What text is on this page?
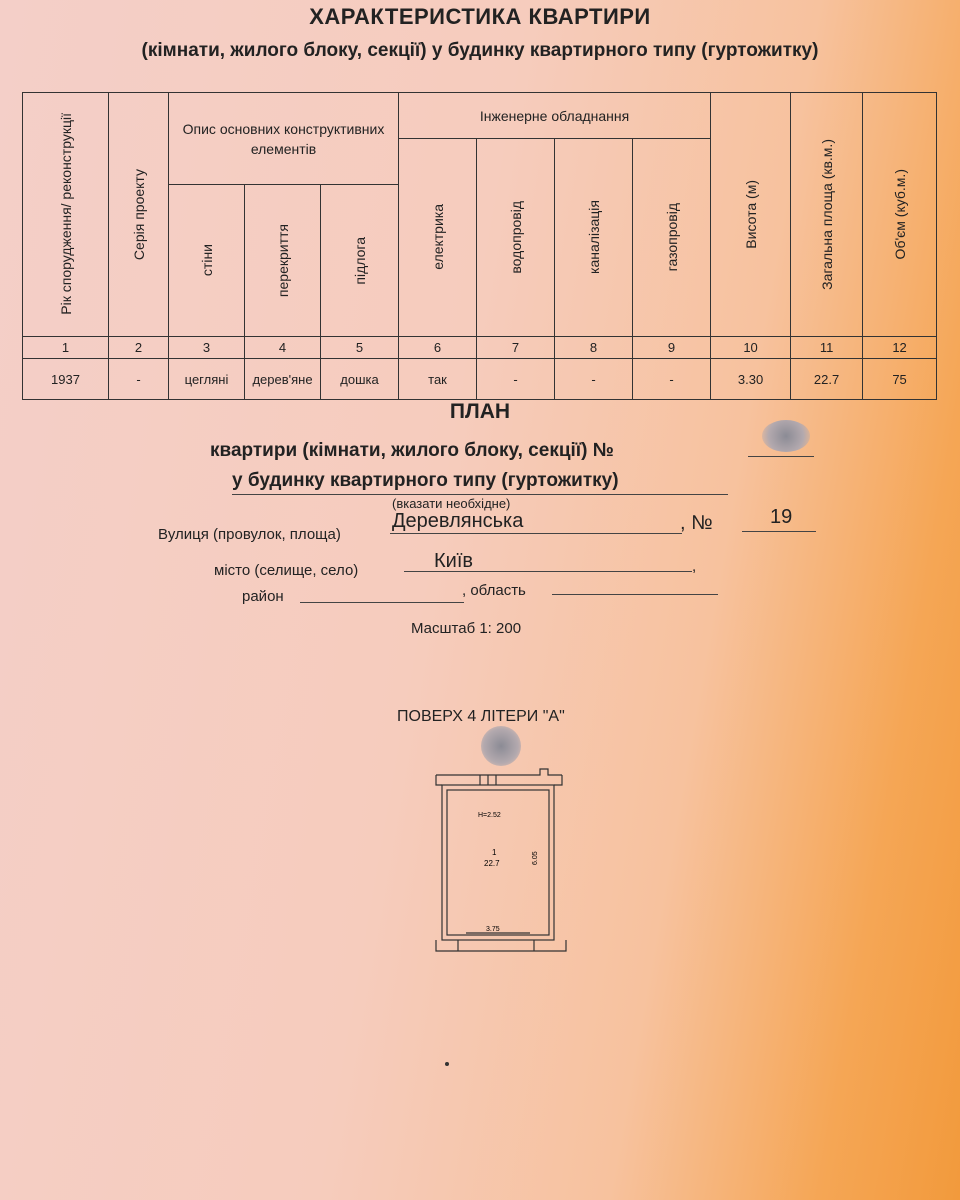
ХАРАКТЕРИСТИКА КВАРТИРИ
(кімнати, жилого блоку, секції) у будинку квартирного типу (гуртожитку)
Рік спорудження/ реконструкції	Серія проекту	Опис основних конструктивних елементів			Інженерне обладнання				Висота (м)	Загальна площа (кв.м.)	Об'єм (куб.м.)

					електрика	водопровід	каналізація	газопровід			

		стіни	перекриття	підлога							

1	2	3	4	5	6	7	8	9	10	11	12
1937	-	цегляні	дерев'яне	дошка	так	-	-	-	3.30	22.7	75
ПЛАН
квартири (кімнати, жилого блоку, секції) №
у будинку квартирного типу (гуртожитку)
(вказати необхідне)
Вулиця (провулок, площа)
Деревлянська	, №	19
місто (селище, село)	Київ	,
район	, область
Масштаб 1: 200
ПОВЕРХ 4 ЛІТЕРИ "А"
H=2.52
1
22.7	6.05
3.75
